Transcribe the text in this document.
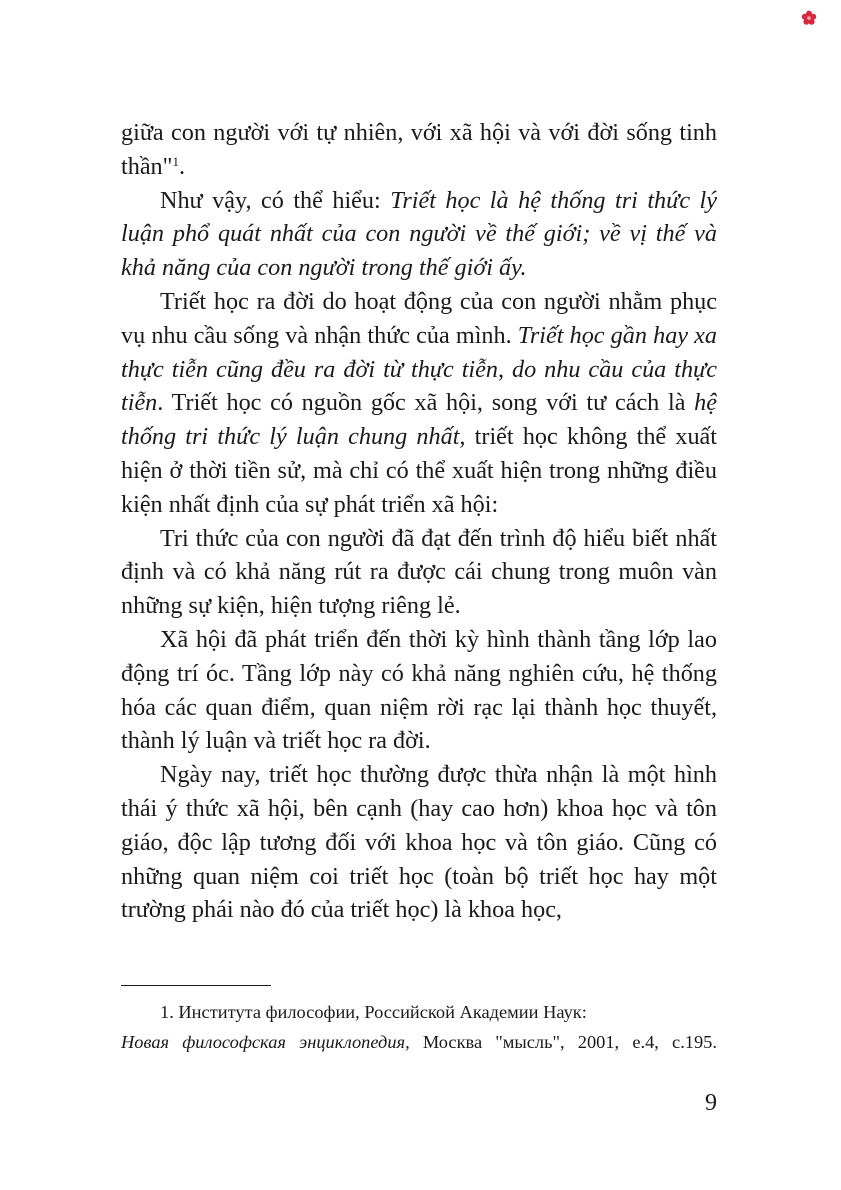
giữa con người với tự nhiên, với xã hội và với đời sống tinh thần"$^1$.

Như vậy, có thể hiểu: Triết học là hệ thống tri thức lý luận phổ quát nhất của con người về thế giới; về vị thế và khả năng của con người trong thế giới ấy.

Triết học ra đời do hoạt động của con người nhằm phục vụ nhu cầu sống và nhận thức của mình. Triết học gần hay xa thực tiễn cũng đều ra đời từ thực tiễn, do nhu cầu của thực tiễn. Triết học có nguồn gốc xã hội, song với tư cách là hệ thống tri thức lý luận chung nhất, triết học không thể xuất hiện ở thời tiền sử, mà chỉ có thể xuất hiện trong những điều kiện nhất định của sự phát triển xã hội:

Tri thức của con người đã đạt đến trình độ hiểu biết nhất định và có khả năng rút ra được cái chung trong muôn vàn những sự kiện, hiện tượng riêng lẻ.

Xã hội đã phát triển đến thời kỳ hình thành tầng lớp lao động trí óc. Tầng lớp này có khả năng nghiên cứu, hệ thống hóa các quan điểm, quan niệm rời rạc lại thành học thuyết, thành lý luận và triết học ra đời.

Ngày nay, triết học thường được thừa nhận là một hình thái ý thức xã hội, bên cạnh (hay cao hơn) khoa học và tôn giáo, độc lập tương đối với khoa học và tôn giáo. Cũng có những quan niệm coi triết học (toàn bộ triết học hay một trường phái nào đó của triết học) là khoa học,

1. Института философии, Российской Академии Наук:

Новая философская энциклопедия, Москва "мысль", 2001, е.4, с.195.

9
